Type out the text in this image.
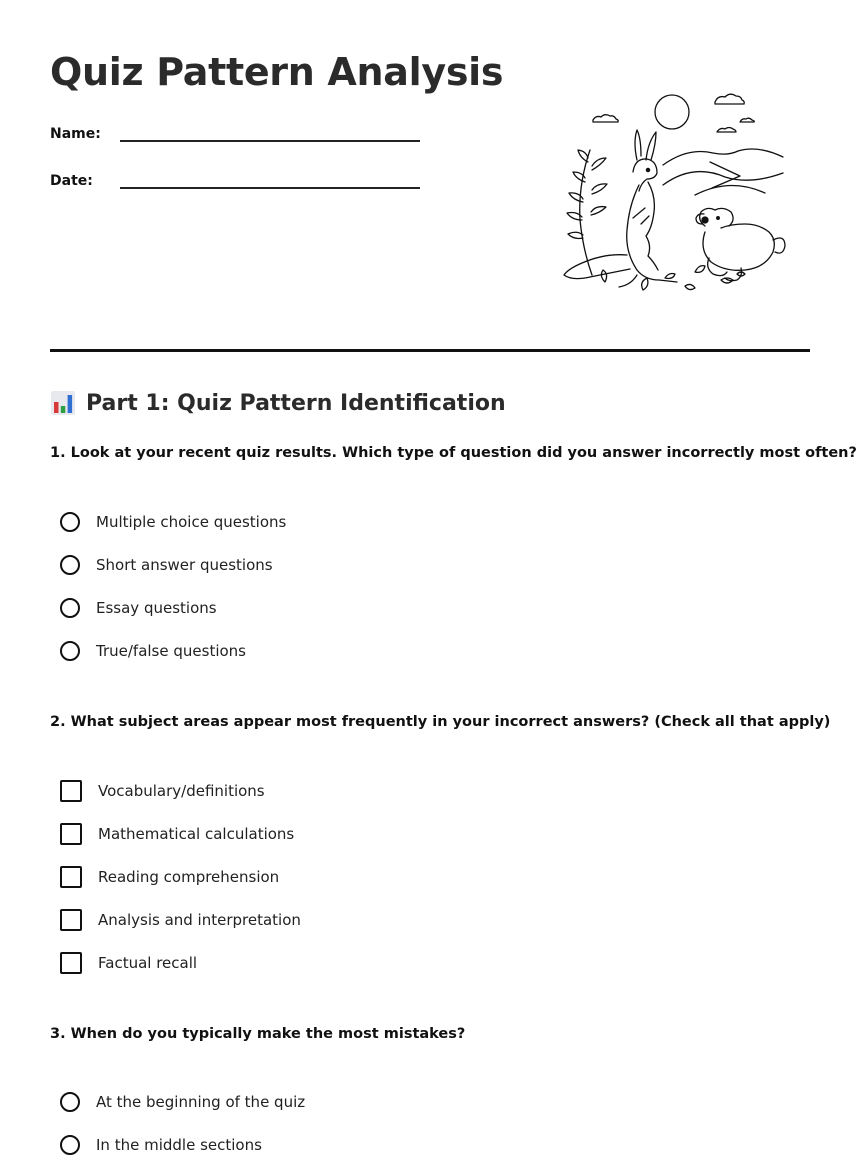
Quiz Pattern Analysis
Name:
Date:
Part 1: Quiz Pattern Identification

1. Look at your recent quiz results. Which type of question did you answer incorrectly most often?

Multiple choice questions
Short answer questions
Essay questions
True/false questions

2. What subject areas appear most frequently in your incorrect answers? (Check all that apply)

Vocabulary/definitions
Mathematical calculations
Reading comprehension
Analysis and interpretation
Factual recall

3. When do you typically make the most mistakes?

At the beginning of the quiz
In the middle sections
